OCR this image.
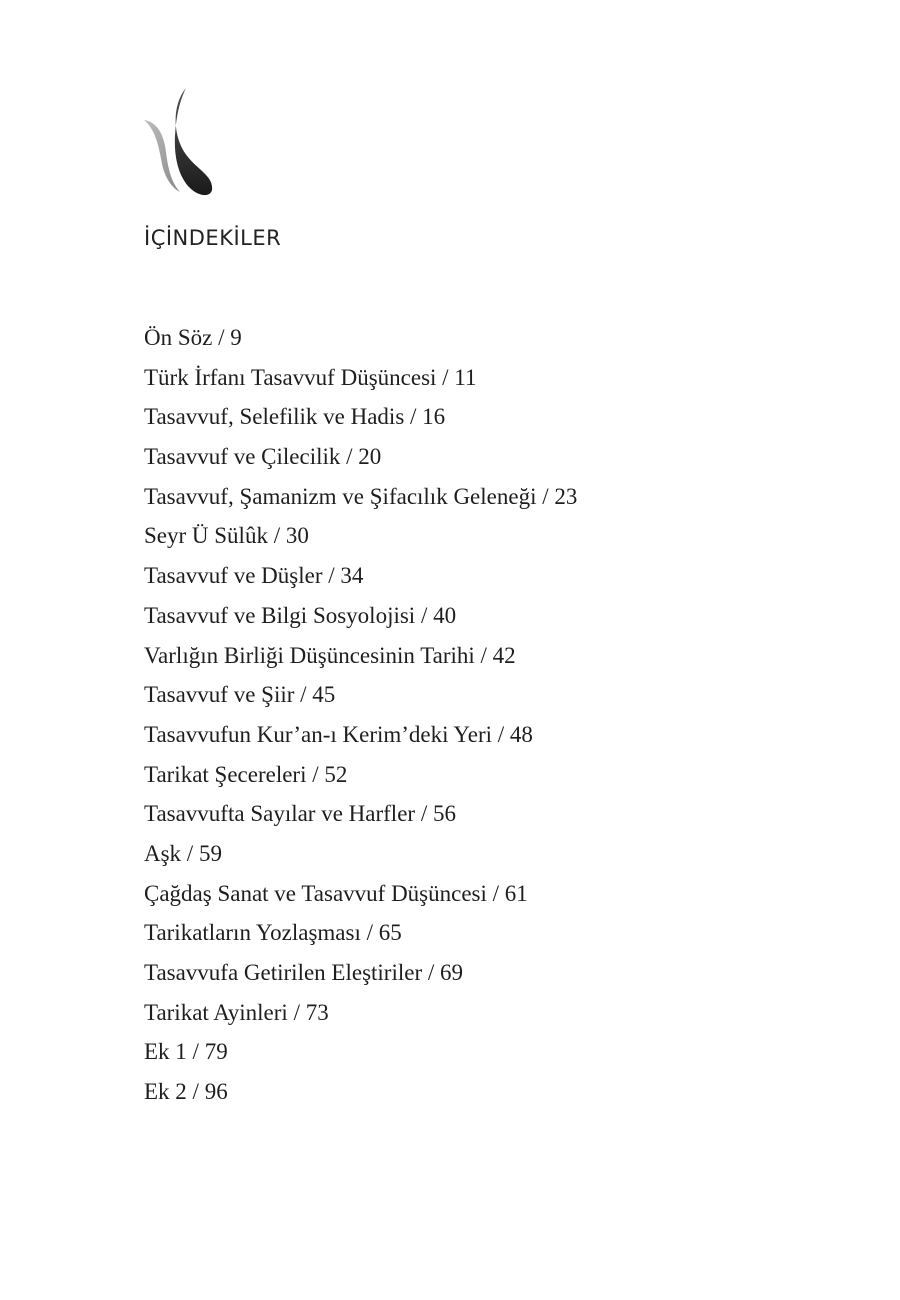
İÇİNDEKİLER
Ön Söz / 9
Türk İrfanı Tasavvuf Düşüncesi / 11
Tasavvuf, Selefilik ve Hadis / 16
Tasavvuf ve Çilecilik / 20
Tasavvuf, Şamanizm ve Şifacılık Geleneği / 23
Seyr Ü Sülûk / 30
Tasavvuf ve Düşler / 34
Tasavvuf ve Bilgi Sosyolojisi / 40
Varlığın Birliği Düşüncesinin Tarihi / 42
Tasavvuf ve Şiir / 45
Tasavvufun Kur’an-ı Kerim’deki Yeri / 48
Tarikat Şecereleri / 52
Tasavvufta Sayılar ve Harfler / 56
Aşk / 59
Çağdaş Sanat ve Tasavvuf Düşüncesi / 61
Tarikatların Yozlaşması / 65
Tasavvufa Getirilen Eleştiriler / 69
Tarikat Ayinleri / 73
Ek 1 / 79
Ek 2 / 96
